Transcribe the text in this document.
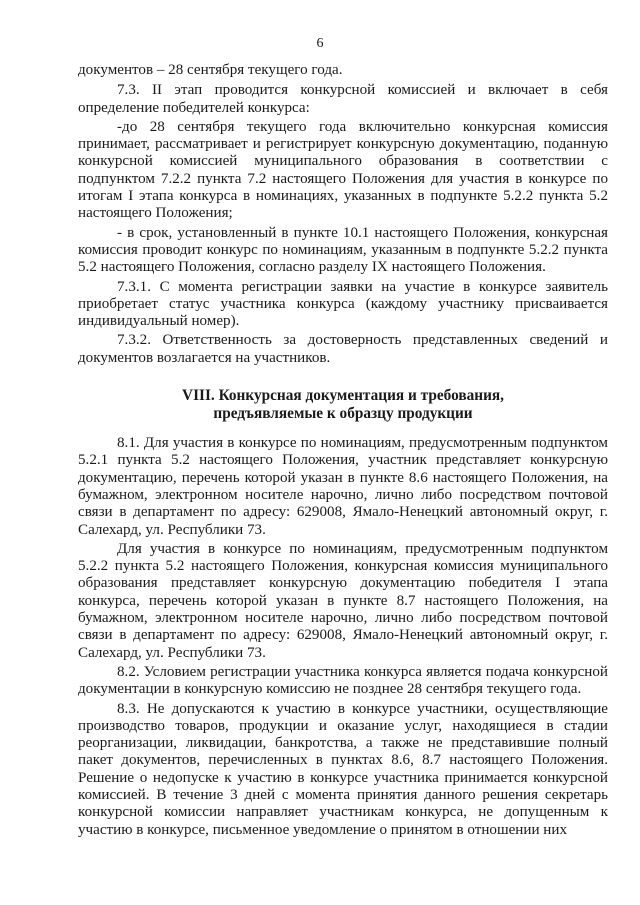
6

документов – 28 сентября текущего года.

7.3. II этап проводится конкурсной комиссией и включает в себя определение победителей конкурса:

-до 28 сентября текущего года включительно конкурсная комиссия принимает, рассматривает и регистрирует конкурсную документацию, поданную конкурсной комиссией муниципального образования в соответствии с подпунктом 7.2.2 пункта 7.2 настоящего Положения для участия в конкурсе по итогам I этапа конкурса в номинациях, указанных в подпункте 5.2.2 пункта 5.2 настоящего Положения;

- в срок, установленный в пункте 10.1 настоящего Положения, конкурсная комиссия проводит конкурс по номинациям, указанным в подпункте 5.2.2 пункта 5.2 настоящего Положения, согласно разделу IX настоящего Положения.

7.3.1. С момента регистрации заявки на участие в конкурсе заявитель приобретает статус участника конкурса (каждому участнику присваивается индивидуальный номер).

7.3.2. Ответственность за достоверность представленных сведений и документов возлагается на участников.

VIII. Конкурсная документация и требования,
предъявляемые к образцу продукции

8.1. Для участия в конкурсе по номинациям, предусмотренным подпунктом 5.2.1 пункта 5.2 настоящего Положения, участник представляет конкурсную документацию, перечень которой указан в пункте 8.6 настоящего Положения, на бумажном, электронном носителе нарочно, лично либо посредством почтовой связи в департамент по адресу: 629008, Ямало-Ненецкий автономный округ, г. Салехард, ул. Республики 73.

Для участия в конкурсе по номинациям, предусмотренным подпунктом 5.2.2 пункта 5.2 настоящего Положения, конкурсная комиссия муниципального образования представляет конкурсную документацию победителя I этапа конкурса, перечень которой указан в пункте 8.7 настоящего Положения, на бумажном, электронном носителе нарочно, лично либо посредством почтовой связи в департамент по адресу: 629008, Ямало-Ненецкий автономный округ, г. Салехард, ул. Республики 73.

8.2. Условием регистрации участника конкурса является подача конкурсной документации в конкурсную комиссию не позднее 28 сентября текущего года.

8.3. Не допускаются к участию в конкурсе участники, осуществляющие производство товаров, продукции и оказание услуг, находящиеся в стадии реорганизации, ликвидации, банкротства, а также не представившие полный пакет документов, перечисленных в пунктах 8.6, 8.7 настоящего Положения. Решение о недопуске к участию в конкурсе участника принимается конкурсной комиссией. В течение 3 дней с момента принятия данного решения секретарь конкурсной комиссии направляет участникам конкурса, не допущенным к участию в конкурсе, письменное уведомление о принятом в отношении них
